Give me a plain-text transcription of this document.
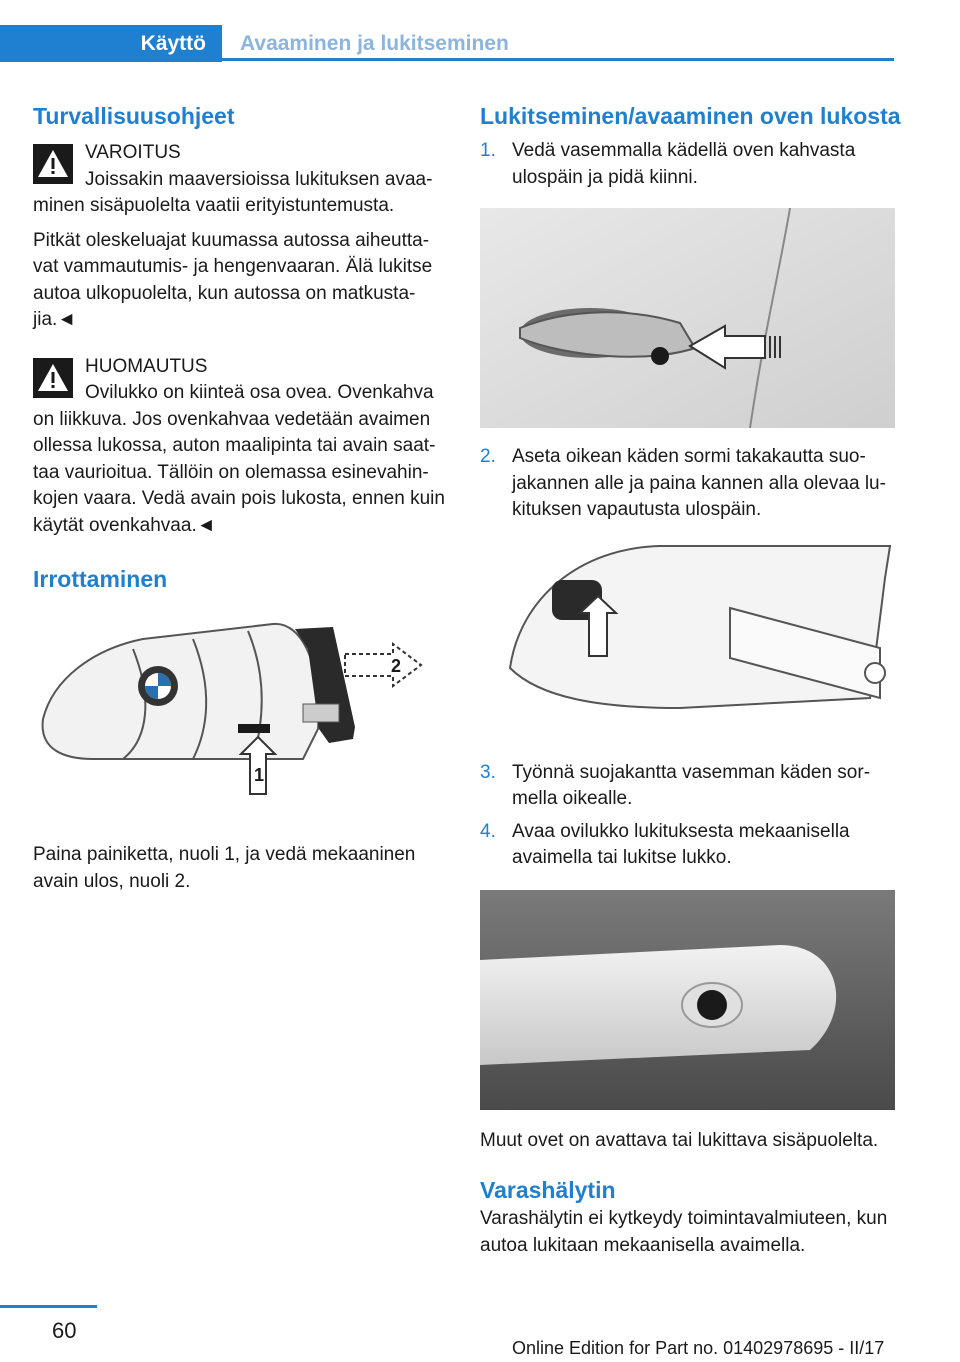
Käyttö	Avaaminen ja lukitseminen
Turvallisuusohjeet

VAROITUS

Joissakin maaversioissa lukituksen avaa‐

minen sisäpuolelta vaatii erityistuntemusta.

Pitkät oleskeluajat kuumassa autossa aiheutta‐ vat vammautumis- ja hengenvaaran. Älä lukitse autoa ulkopuolelta, kun autossa on matkusta‐ jia.◄

HUOMAUTUS

Ovilukko on kiinteä osa ovea. Ovenkahva

on liikkuva. Jos ovenkahvaa vedetään avaimen ollessa lukossa, auton maalipinta tai avain saat‐ taa vaurioitua. Tällöin on olemassa esinevahin‐ kojen vaara. Vedä avain pois lukosta, ennen kuin käytät ovenkahvaa.◄

Irrottaminen
2
1

Paina painiketta, nuoli 1, ja vedä mekaaninen avain ulos, nuoli 2.

Lukitseminen/avaaminen oven lukosta
1. Vedä vasemmalla kädellä oven kahvasta ulospäin ja pidä kiinni.
2. Aseta oikean käden sormi takakautta suo‐ jakannen alle ja paina kannen alla olevaa lu‐ kituksen vapautusta ulospäin.
3. Työnnä suojakantta vasemman käden sor‐ mella oikealle.
4. Avaa ovilukko lukituksesta mekaanisella avaimella tai lukitse lukko.

Muut ovet on avattava tai lukittava sisäpuolelta.

Varashälytin

Varashälytin ei kytkeydy toimintavalmiuteen, kun autoa lukitaan mekaanisella avaimella.

60
Online Edition for Part no. 01402978695 - II/17
